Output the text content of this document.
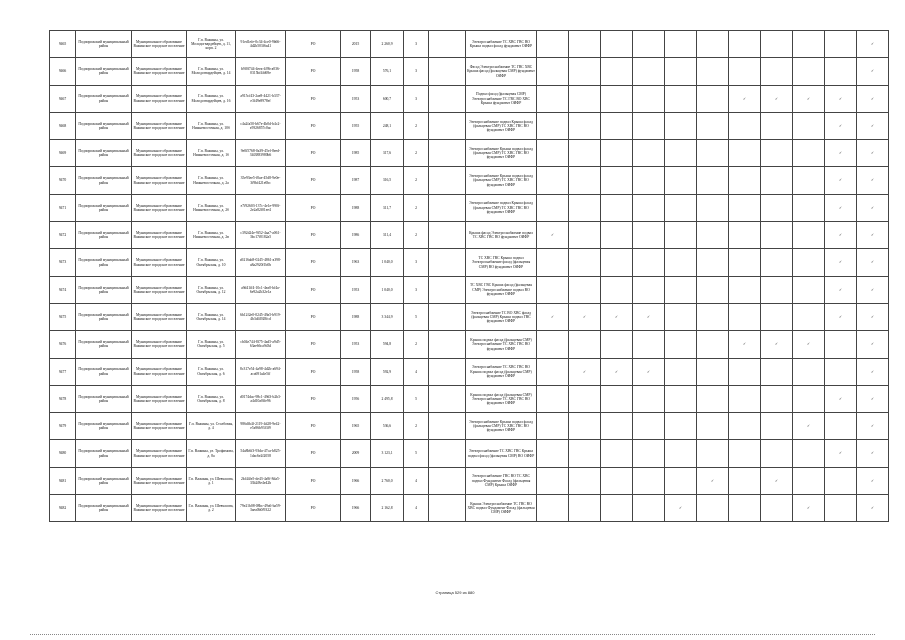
9465	Подпорожский муниципальный район	Муниципальное образование Важинское городское поселение	Г.п. Важины, ул. Молодогвардейцев, д. 11, корп. 2	91ed1efe-0c34-4ce0-9b66-4d2b503f6a41	РО	2015	2 260,9	3		Электроснабжение ТС ХВС ГВС ВО Крыша подвал фасад фундамент ОИФР											✓
9466	Подпорожский муниципальный район	Муниципальное образование Важинское городское поселение	Г.п. Важины, ул. Молодогвардейцев, д. 14	b9f0f744-4eea-4f9b-a036-0315bf4fd69e	РО	1958	576,1	3		Фасад Электроснабжение ТС ГВС ХВС Крыша фасад (фальцевая СМР) фундамент ОИФР											✓
9467	Подпорожский муниципальный район	Муниципальное образование Важинское городское поселение	Г.п. Важины, ул. Молодогвардейцев, д. 16	a915cf43-2ae8-4421-b337-e3f49e8978ef	РО	1953	600,7	3		Подвал фасад (фальцевая СМР) Электроснабжение ТС ГВС ВО ХВС Крыша фундамент ОИФР							✓	✓	✓	✓	✓
9468	Подпорожский муниципальный район	Муниципальное образование Важинское городское поселение	Г.п. Важины, ул. Нижневосточная, д. 10б	c4a2fa50-b67e-4b0d-b4c2-e5926857c0ac	РО	1955	248,1	2		Электроснабжение подвал Крыша фасад (фальцевая СМР) ТС ХВС ГВС ВО фундамент ОИФР										✓	✓
9469	Подпорожский муниципальный район	Муниципальное образование Важинское городское поселение	Г.п. Важины, ул. Нижневосточная, д. 1б	9e0f5768-0a39-45ef-8eed-3f43883980b6	РО	1985	317,6	2		Электроснабжение Крыша подвал фасад (фальцевая СМР) ТС ХВС ГВС ВО фундамент ОИФР										✓	✓
9470	Подпорожский муниципальный район	Муниципальное образование Важинское городское поселение	Г.п. Важины, ул. Нижневосточная, д. 2а	35e93ee5-f0ae-45d8-9e0e-3f9bf421e0bc	РО	1987	316,5	2		Электроснабжение Крыша подвал фасад (фальцевая СМР) ТС ХВС ГВС ВО фундамент ОИФР										✓	✓
9471	Подпорожский муниципальный район	Муниципальное образование Важинское городское поселение	Г.п. Важины, ул. Нижневосточная, д. 2б	e7f92603-137c-4e1e-990f-2e2a82f01ee4	РО	1988	311,7	2		Электроснабжение подвал Крыша фасад (фальцевая СМР) ТС ХВС ГВС ВО фундамент ОИФР										✓	✓
9472	Подпорожский муниципальный район	Муниципальное образование Важинское городское поселение	Г.п. Важины, ул. Нижневосточная, д. 2в	c392d24e-9f52-4aa7-a061-3bc17f0182a5	РО	1986	311,4	2		Крыша фасад Электроснабжение подвал ТС ХВС ГВС ВО фундамент ОИФР	✓									✓	✓
9473	Подпорожский муниципальный район	Муниципальное образование Важинское городское поселение	Г.п. Важины, ул. Октябрьская, д. 10	a9216ab8-0245-4861-a398-a8a2920f1b0b	РО	1963	1 040,0	3		ТС ХВС ГВС Крыша подвал Электроснабжение фасад (фальцевая СМР) ВО фундамент ОИФР										✓	✓
9474	Подпорожский муниципальный район	Муниципальное образование Важинское городское поселение	Г.п. Важины, ул. Октябрьская, д. 12	a9d41ff4-10c1-4ea0-bf4a-6e92a2b32e1a	РО	1953	1 040,0	3		ТС ХВС ГВС Крыша фасад (фальцевая СМР) Электроснабжение подвал ВО фундамент ОИФР										✓	✓
9475	Подпорожский муниципальный район	Муниципальное образование Важинское городское поселение	Г.п. Важины, ул. Октябрьская, д. 14	6b12f2e0-0245-49a5-b919-4b3df4928fcd	РО	1988	3 344,9	5		Электроснабжение ТС ВО ХВС фасад (фальцевая СМР) Крыша подвал ГВС фундамент ОИФР	✓	✓	✓	✓						✓	✓
9476	Подпорожский муниципальный район	Муниципальное образование Важинское городское поселение	Г.п. Важины, ул. Октябрьская, д. 5	cb04e744-8f75-4ad5-a9d5-63ae66ca9d3d	РО	1953	594,8	2		Крыша подвал фасад (фальцевая СМР) Электроснабжение ТС ХВС ГВС ВО фундамент ОИФР							✓	✓	✓		✓
9477	Подпорожский муниципальный район	Муниципальное образование Важинское городское поселение	Г.п. Важины, ул. Октябрьская, д. 6	8c317e54-4a98-4d2b-a694-aca691a4e5ff	РО	1958	592,9	4		Электроснабжение ТС ХВС ГВС ВО Крыша подвал фасад (фальцевая СМР) фундамент ОИФР		✓	✓	✓							✓
9478	Подпорожский муниципальный район	Муниципальное образование Важинское городское поселение	Г.п. Важины, ул. Октябрьская, д. 8	d0174dac-98c1-49d3-b2b3-a4d10a0ffe96	РО	1956	2 495,8	5		Крыша подвал фасад (фальцевая СМР) Электроснабжение ТС ХВС ГВС ВО фундамент ОИФР										✓	✓
9479	Подпорожский муниципальный район	Муниципальное образование Важинское городское поселение	Г.п. Важины, ул. Столбовая, д. 4	986dfb4f-2119-4d28-9e42-e5a96b93f3f9	РО	1965	536,6	2		Электроснабжение Крыша подвал фасад (фальцевая СМР) ТС ХВС ГВС ВО фундамент ОИФР									✓		✓
9480	Подпорожский муниципальный район	Муниципальное образование Важинское городское поселение	Г.п. Важины, ул. Трофимова, д. 8а	54a8b6f3-93da-47ca-b825-1dac6e2f2058	РО	2009	3 123,1	5		Электроснабжение ТС ХВС ГВС Крыша подвал фасад (фальцевая СМР) ВО ОИФР										✓	✓
9481	Подпорожский муниципальный район	Муниципальное образование Важинское городское поселение	Г.п. Важины, ул. Шевчасова, д. 1	2bf44fe5-de43-4a9f-8da5-33b2f8e4e42b	РО	1966	2 760,0	4		Электроснабжение ГВС ВО ТС ХВС подвал Фундамент Фасад (фальцевая СМР) Крыша ОИФР						✓		✓			✓
9482	Подпорожский муниципальный район	Муниципальное образование Важинское городское поселение	Г.п. Важины, ул. Шевчасова, д. 2	79e21b08-08bc-49a6-ba59-3aea0b0f9322	РО	1966	2 162,8	4		Крыша Электроснабжение ТС ГВС ВО ХВС подвал Фундамент Фасад (фальцевая СМР) ОИФР					✓				✓		✓
Страница 529 из 880
